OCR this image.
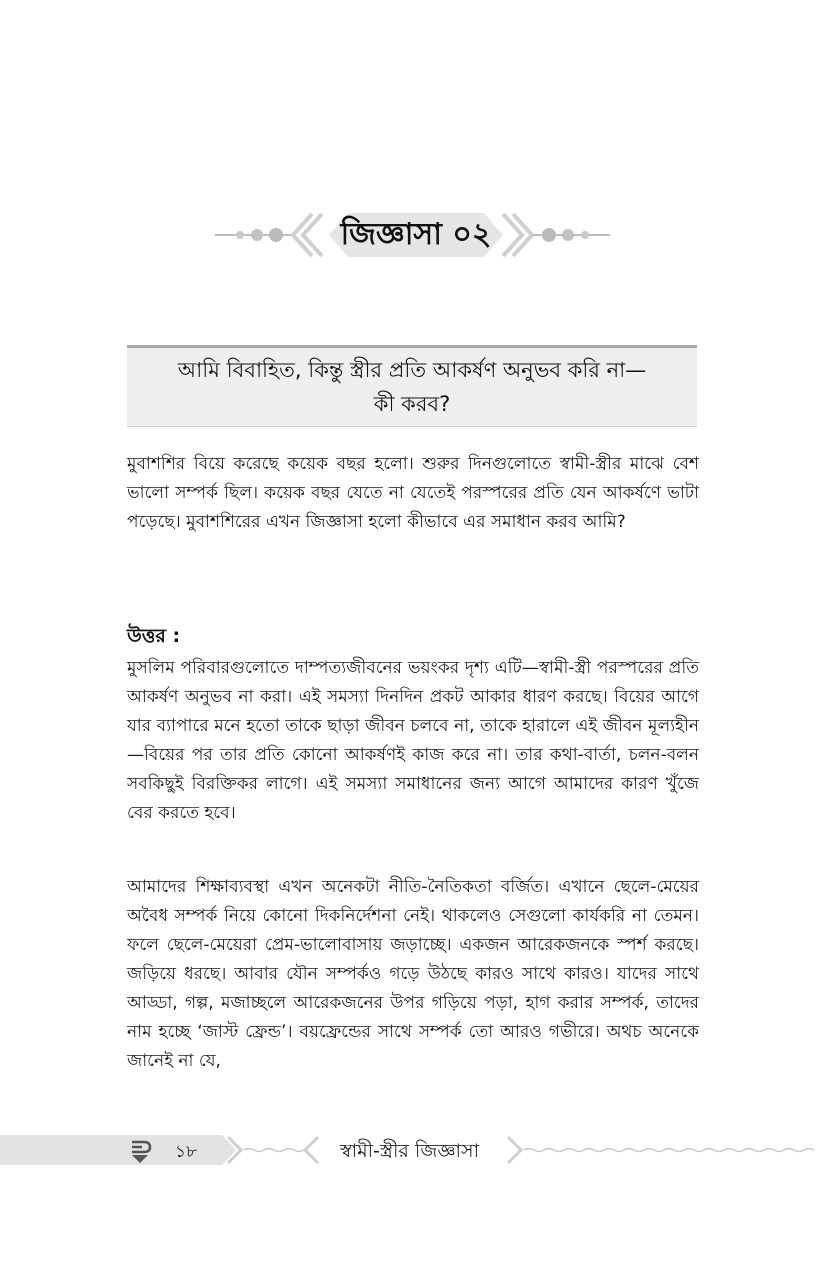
জিজ্ঞাসা ০২
আমি বিবাহিত, কিন্তু স্ত্রীর প্রতি আকর্ষণ অনুভব করি না—কী করব?
মুবাশশির বিয়ে করেছে কয়েক বছর হলো। শুরুর দিনগুলোতে স্বামী-স্ত্রীর মাঝে বেশ ভালো সম্পর্ক ছিল। কয়েক বছর যেতে না যেতেই পরস্পরের প্রতি যেন আকর্ষণে ভাটা পড়েছে। মুবাশশিরের এখন জিজ্ঞাসা হলো কীভাবে এর সমাধান করব আমি?
উত্তর :
মুসলিম পরিবারগুলোতে দাম্পত্যজীবনের ভয়ংকর দৃশ্য এটি—স্বামী-স্ত্রী পরস্পরের প্রতি আকর্ষণ অনুভব না করা। এই সমস্যা দিনদিন প্রকট আকার ধারণ করছে। বিয়ের আগে যার ব্যাপারে মনে হতো তাকে ছাড়া জীবন চলবে না, তাকে হারালে এই জীবন মূল্যহীন—বিয়ের পর তার প্রতি কোনো আকর্ষণই কাজ করে না। তার কথা-বার্তা, চলন-বলন সবকিছুই বিরক্তিকর লাগে। এই সমস্যা সমাধানের জন্য আগে আমাদের কারণ খুঁজে বের করতে হবে।
আমাদের শিক্ষাব্যবস্থা এখন অনেকটা নীতি-নৈতিকতা বর্জিত। এখানে ছেলে-মেয়ের অবৈধ সম্পর্ক নিয়ে কোনো দিকনির্দেশনা নেই। থাকলেও সেগুলো কার্যকরি না তেমন। ফলে ছেলে-মেয়েরা প্রেম-ভালোবাসায় জড়াচ্ছে। একজন আরেকজনকে স্পর্শ করছে। জড়িয়ে ধরছে। আবার যৌন সম্পর্কও গড়ে উঠছে কারও সাথে কারও। যাদের সাথে আড্ডা, গল্প, মজাচ্ছলে আরেকজনের উপর গড়িয়ে পড়া, হাগ করার সম্পর্ক, তাদের নাম হচ্ছে ‘জাস্ট ফ্রেন্ড’। বয়ফ্রেন্ডের সাথে সম্পর্ক তো আরও গভীরে। অথচ অনেকে জানেই না যে,
১৮	স্বামী-স্ত্রীর জিজ্ঞাসা
